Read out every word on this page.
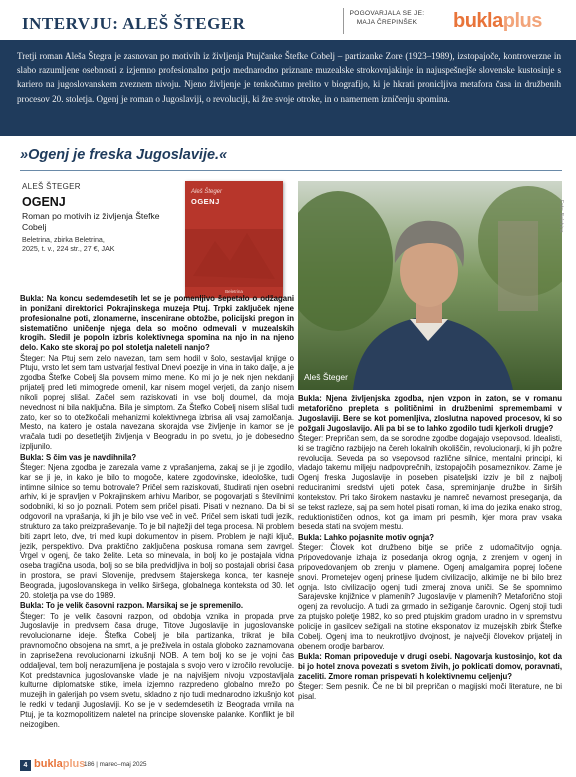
INTERVJU: ALEŠ ŠTEGER
POGOVARJALA SE JE:
MAJA ČREPINŠEK	buklaplus

Tretji roman Aleša Štegra je zasnovan po motivih iz življenja Ptujčanke Štefke Cobelj – partizanke Zore (1923–1989), izstopajoče, kontroverzne in slabo razumljene osebnosti z izjemno profesionalno potjo mednarodno priznane muzealske strokovnjakinje in najuspešnejše slovenske kustosinje s kariero na jugoslovanskem zveznem nivoju. Njeno življenje je tenkočutno prelito v biografijo, ki je hkrati pronicljiva metafora časa in družbenih procesov 20. stoletja. Ogenj je roman o Jugoslaviji, o revoluciji, ki žre svoje otroke, in o namernem izničenju spomina.

»Ogenj je freska Jugoslavije.«
ALEŠ ŠTEGER
OGENJ
Roman po motivih iz življenja Štefke Cobelj
Beletrina, zbirka Beletrina,
2025, t. v., 224 str., 27 €, JAK
Aleš Šteger
OGENJ
Beletrina
Aleš Šteger
Foto: Beletrina

Bukla: Na koncu sedemdesetih let se je pomenljivo šepetalo o odžagani in ponižani direktorici Pokrajinskega muzeja Ptuj. Trpki zaključek njene profesionalne poti, zlonamerne, inscenirane obtožbe, policijski pregon in sistematično uničenje njega dela so močno odmevali v muzealskih krogih. Sledil je popoln izbris kolektivnega spomina na njo in na njeno delo. Kako ste skoraj po pol stoletja naleteli nanjo?

Šteger: Na Ptuj sem zelo navezan, tam sem hodil v šolo, sestavljal knjige o Ptuju, vrsto let sem tam ustvarjal festival Dnevi poezije in vina in tako dalje, a je zgodba Štefke Cobelj šla povsem mimo mene. Ko mi jo je nek njen nekdanji prijatelj pred leti mimogrede omenil, kar nisem mogel verjeti, da zanjo nisem nikoli poprej slišal. Začel sem raziskovati in vse bolj doumel, da moja nevednost ni bila naključna. Bila je simptom. Za Štefko Cobelj nisem slišal tudi zato, ker so to otežkočali mehanizmi kolektivnega izbrisa ali vsaj zamolčanja. Mesto, na katero je ostala navezana skorajda vse življenje in kamor se je vračala tudi po desetletjih življenja v Beogradu in po svetu, jo je dobesedno izpljunilo.

Bukla: S čim vas je navdihnila?

Šteger: Njena zgodba je zarezala vame z vprašanjema, zakaj se ji je zgodilo, kar se ji je, in kako je bilo to mogoče, katere zgodovinske, ideološke, tudi intimne silnice so temu botrovale? Pričel sem raziskovati, študirati njen osebni arhiv, ki je spravljen v Pokrajinskem arhivu Maribor, se pogovarjati s številnimi sodobniki, ki so jo poznali. Potem sem pričel pisati. Pisati v neznano. Da bi si odgovoril na vprašanja, ki jih je bilo vse več in več. Pričel sem iskati tudi jezik, strukturo za tako preizpraševanje. To je bil najtežji del tega procesa. Ni problem biti zaprt leto, dve, tri med kupi dokumentov in pisem. Problem je najti ključ, jezik, perspektivo. Dva praktično zaključena poskusa romana sem zavrgel. Vrgel v ogenj, če tako želite. Leta so minevala, in bolj ko je postajala vidna oseba tragična usoda, bolj so se bila predvidljiva in bolj so postajali obrisi časa in prostora, se pravi Slovenije, predvsem štajerskega konca, ter kasneje Beograda, jugoslovanskega in veliko širšega, globalnega konteksta od 30. let 20. stoletja pa vse do 1989.

Bukla: To je velik časovni razpon. Marsikaj se je spremenilo.

Šteger: To je velik časovni razpon, od obdobja vznika in propada prve Jugoslavije in predvsem časa druge, Titove Jugoslavije in jugoslovanske revolucionarne ideje. Štefka Cobelj je bila partizanka, trikrat je bila pravnomočno obsojena na smrt, a je preživela in ostala globoko zaznamovana in zapriseženа revolucionarni izkušnji NOB. A tem bolj ko se je vojni čas oddaljeval, tem bolj nerazumljena je postajala s svojo vero v izročilo revolucije. Kot predstavnica jugoslovanske vlade je na najvišjem nivoju vzpostavljala kulturne diplomatske stike, imela izjemno razpredeno globalno mrežo po muzejih in galerijah po vsem svetu, skladno z njo tudi mednarodno izkušnjo kot le redki v tedanji Jugoslaviji. Ko se je v sedemdesetih iz Beograda vrnila na Ptuj, je ta kozmopolitizem naletel na principe slovenske palanke. Konflikt je bil neizogiben.

Bukla: Njena življenjska zgodba, njen vzpon in zaton, se v romanu metaforično prepleta s političnimi in družbenimi spremembami v Jugoslaviji. Bere se kot pomenljiva, zloslutna napoved procesov, ki so požgali Jugoslavijo. Ali pa bi se to lahko zgodilo tudi kjerkoli drugje?

Šteger: Prepričan sem, da se sorodne zgodbe dogajajo vsepovsod. Idealisti, ki se tragično razbijejo na čereh lokalnih okoliščin, revolucionarji, ki jih požre revolucija. Seveda pa so vsepovsod različne silnice, mentalni principi, ki vladajo takemu miljeju nadpovprečnih, izstopajočih posameznikov. Zame je Ogenj freska Jugoslavije in poseben pisateljski izziv je bil z najbolj reduciranimi sredstvi ujeti potek časa, spreminjanje družbe in širših kontekstov. Pri tako širokem nastavku je namreč nevarnost preseganja, da se tekst razleze, saj pa sem hotel pisati roman, ki ima do jezika enako strog, reduktionističen odnos, kot ga imam pri pesmih, kjer mora prav vsaka beseda stati na svojem mestu.

Bukla: Lahko pojasnite motiv ognja?

Šteger: Človek kot družbeno bitje se priče z udomačitvijo ognja. Pripovedovanje izhaja iz posedanja okrog ognja, z zrenjem v ogenj in pripovedovanjem ob zrenju v plamene. Ogenj amalgamira poprej ločene snovi. Prometejev ogenj prinese ljudem civilizacijo, alkimije ne bi bilo brez ognja. Isto civilizacijo ogenj tudi zmeraj znova uniči. Se še spomnimo Sarajevske knjižnice v plamenih? Jugoslavije v plamenih? Metaforično stoji ogenj za revolucijo. A tudi za grmado in sežiganje čarovnic. Ogenj stoji tudi za ptujsko poletje 1982, ko so pred ptujskim gradom uradno in v spremstvu policije in gasilcev sežigali na stotine eksponatov iz muzejskih zbirk Štefke Cobelj. Ogenj ima to neukrotljivo dvojnost, je največji človekov prijatelj in obenem orodje barbarov.

Bukla: Roman pripoveduje v drugi osebi. Nagovarja kustosinjo, kot da bi jo hotel znova povezati s svetom živih, jo poklicati domov, poravnati, zaceliti. Zmore roman prispevati h kolektivnemu celjenju?

Šteger: Sem pesnik. Če ne bi bil prepričan o magijski moči literature, ne bi pisal.

4 buklaplus
186 | marec–maj 2025
